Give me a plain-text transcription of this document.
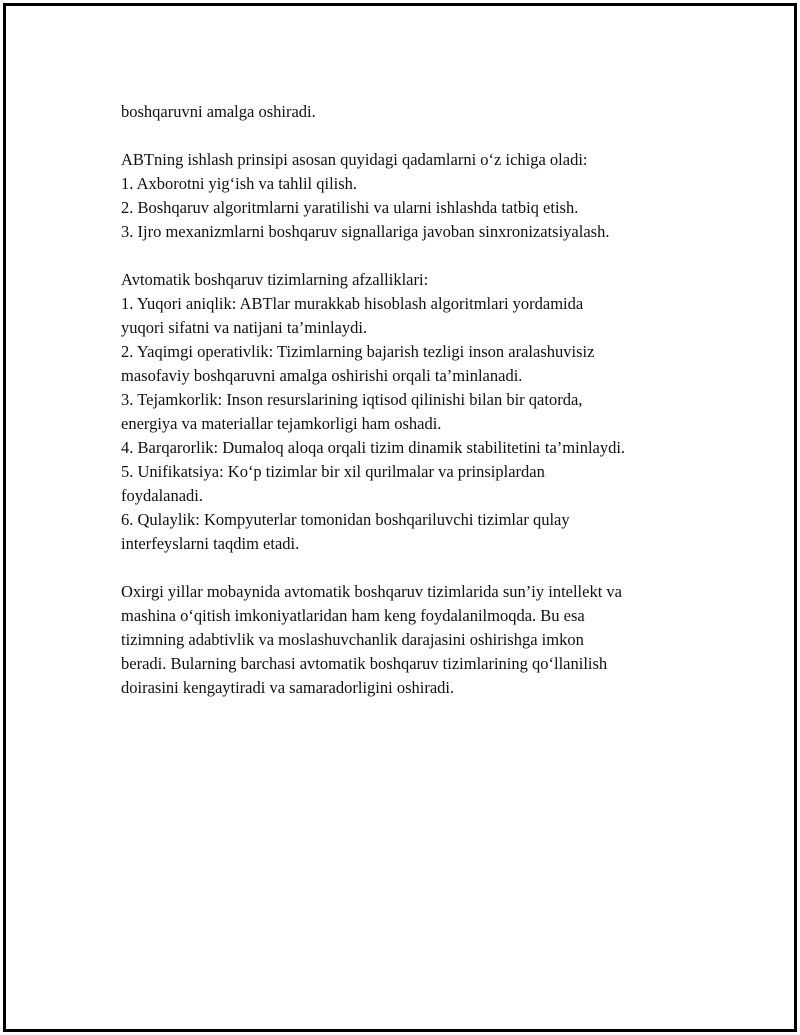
boshqaruvni amalga oshiradi.

ABTning ishlash prinsipi asosan quyidagi qadamlarni o‘z ichiga oladi:
1. Axborotni yig‘ish va tahlil qilish.
2. Boshqaruv algoritmlarni yaratilishi va ularni ishlashda tatbiq etish.
3. Ijro mexanizmlarni boshqaruv signallariga javoban sinxronizatsiyalash.

Avtomatik boshqaruv tizimlarning afzalliklari:
1. Yuqori aniqlik: ABTlar murakkab hisoblash algoritmlari yordamida
yuqori sifatni va natijani ta’minlaydi.
2. Yaqimgi operativlik: Tizimlarning bajarish tezligi inson aralashuvisiz
masofaviy boshqaruvni amalga oshirishi orqali ta’minlanadi.
3. Tejamkorlik: Inson resurslarining iqtisod qilinishi bilan bir qatorda,
energiya va materiallar tejamkorligi ham oshadi.
4. Barqarorlik: Dumaloq aloqa orqali tizim dinamik stabilitetini ta’minlaydi.
5. Unifikatsiya: Ko‘p tizimlar bir xil qurilmalar va prinsiplardan
foydalanadi.
6. Qulaylik: Kompyuterlar tomonidan boshqariluvchi tizimlar qulay
interfeyslarni taqdim etadi.

Oxirgi yillar mobaynida avtomatik boshqaruv tizimlarida sun’iy intellekt va
mashina o‘qitish imkoniyatlaridan ham keng foydalanilmoqda. Bu esa
tizimning adabtivlik va moslashuvchanlik darajasini oshirishga imkon
beradi. Bularning barchasi avtomatik boshqaruv tizimlarining qo‘llanilish
doirasini kengaytiradi va samaradorligini oshiradi.
